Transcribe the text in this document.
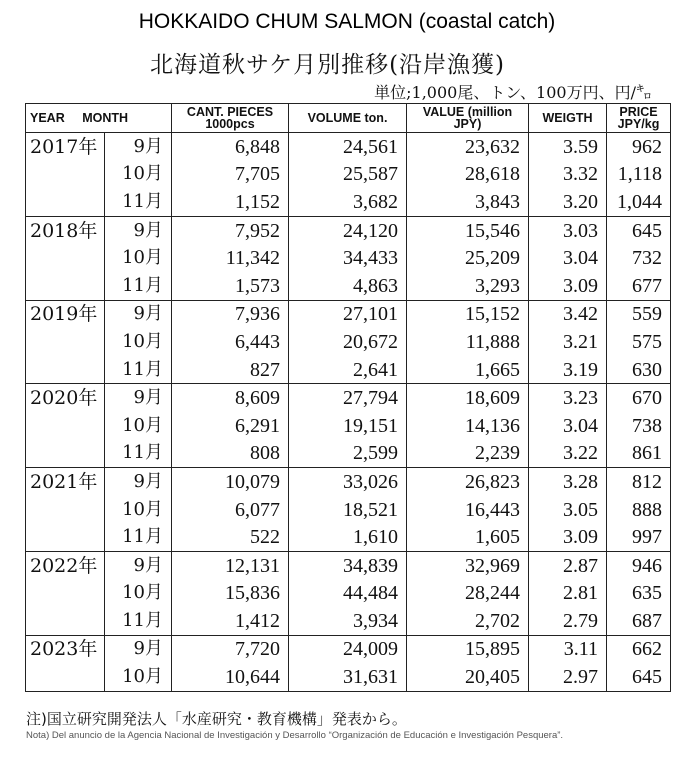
HOKKAIDO CHUM SALMON (coastal catch)
北海道秋サケ月別推移(沿岸漁獲)
単位;1,000尾、トン、100万円、円/㌔
YEAR MONTH		CANT. PIECES 1000pcs	VOLUME ton.	VALUE (million JPY)	WEIGTH	PRICE JPY/kg
2017年	9月	6,848	24,561	23,632	3.59	962
	10月	7,705	25,587	28,618	3.32	1,118
	11月	1,152	3,682	3,843	3.20	1,044
2018年	9月	7,952	24,120	15,546	3.03	645
	10月	11,342	34,433	25,209	3.04	732
	11月	1,573	4,863	3,293	3.09	677
2019年	9月	7,936	27,101	15,152	3.42	559
	10月	6,443	20,672	11,888	3.21	575
	11月	827	2,641	1,665	3.19	630
2020年	9月	8,609	27,794	18,609	3.23	670
	10月	6,291	19,151	14,136	3.04	738
	11月	808	2,599	2,239	3.22	861
2021年	9月	10,079	33,026	26,823	3.28	812
	10月	6,077	18,521	16,443	3.05	888
	11月	522	1,610	1,605	3.09	997
2022年	9月	12,131	34,839	32,969	2.87	946
	10月	15,836	44,484	28,244	2.81	635
	11月	1,412	3,934	2,702	2.79	687
2023年	9月	7,720	24,009	15,895	3.11	662
	10月	10,644	31,631	20,405	2.97	645
注)国立研究開発法人「水産研究・教育機構」発表から。
Nota) Del anuncio de la Agencia Nacional de Investigación y Desarrollo “Organización de Educación e Investigación Pesquera”.
